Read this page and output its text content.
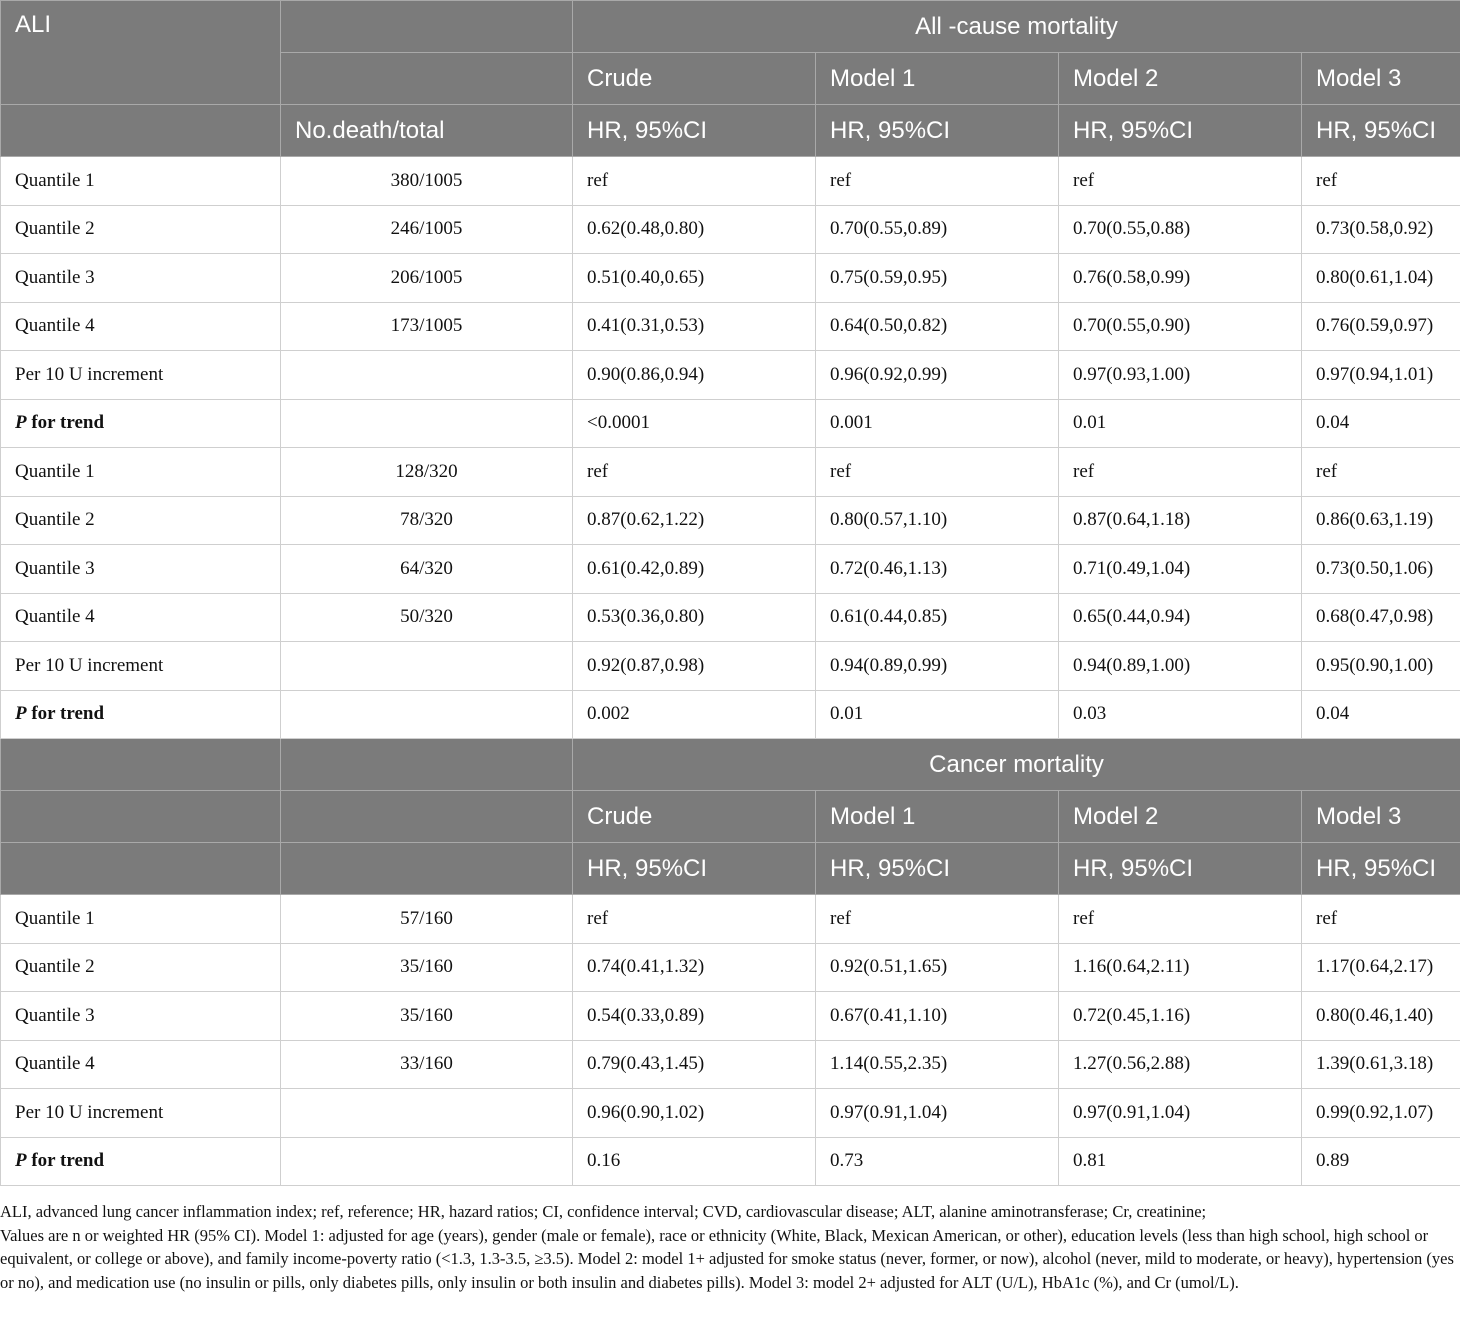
ALI		All -cause mortality			
		Crude	Model 1	Model 2	Model 3
	No.death/total	HR, 95%CI	HR, 95%CI	HR, 95%CI	HR, 95%CI
Quantile 1	380/1005	ref	ref	ref	ref
Quantile 2	246/1005	0.62(0.48,0.80)	0.70(0.55,0.89)	0.70(0.55,0.88)	0.73(0.58,0.92)
Quantile 3	206/1005	0.51(0.40,0.65)	0.75(0.59,0.95)	0.76(0.58,0.99)	0.80(0.61,1.04)
Quantile 4	173/1005	0.41(0.31,0.53)	0.64(0.50,0.82)	0.70(0.55,0.90)	0.76(0.59,0.97)
Per 10 U increment		0.90(0.86,0.94)	0.96(0.92,0.99)	0.97(0.93,1.00)	0.97(0.94,1.01)
P for trend		<0.0001	0.001	0.01	0.04
Quantile 1	128/320	ref	ref	ref	ref
Quantile 2	78/320	0.87(0.62,1.22)	0.80(0.57,1.10)	0.87(0.64,1.18)	0.86(0.63,1.19)
Quantile 3	64/320	0.61(0.42,0.89)	0.72(0.46,1.13)	0.71(0.49,1.04)	0.73(0.50,1.06)
Quantile 4	50/320	0.53(0.36,0.80)	0.61(0.44,0.85)	0.65(0.44,0.94)	0.68(0.47,0.98)
Per 10 U increment		0.92(0.87,0.98)	0.94(0.89,0.99)	0.94(0.89,1.00)	0.95(0.90,1.00)
P for trend		0.002	0.01	0.03	0.04
		Cancer mortality			
		Crude	Model 1	Model 2	Model 3
		HR, 95%CI	HR, 95%CI	HR, 95%CI	HR, 95%CI
Quantile 1	57/160	ref	ref	ref	ref
Quantile 2	35/160	0.74(0.41,1.32)	0.92(0.51,1.65)	1.16(0.64,2.11)	1.17(0.64,2.17)
Quantile 3	35/160	0.54(0.33,0.89)	0.67(0.41,1.10)	0.72(0.45,1.16)	0.80(0.46,1.40)
Quantile 4	33/160	0.79(0.43,1.45)	1.14(0.55,2.35)	1.27(0.56,2.88)	1.39(0.61,3.18)
Per 10 U increment		0.96(0.90,1.02)	0.97(0.91,1.04)	0.97(0.91,1.04)	0.99(0.92,1.07)
P for trend		0.16	0.73	0.81	0.89

ALI, advanced lung cancer inflammation index; ref, reference; HR, hazard ratios; CI, confidence interval; CVD, cardiovascular disease; ALT, alanine aminotransferase; Cr, creatinine;

Values are n or weighted HR (95% CI). Model 1: adjusted for age (years), gender (male or female), race or ethnicity (White, Black, Mexican American, or other), education levels (less than high school, high school or equivalent, or college or above), and family income-poverty ratio (<1.3, 1.3-3.5, ≥3.5). Model 2: model 1+ adjusted for smoke status (never, former, or now), alcohol (never, mild to moderate, or heavy), hypertension (yes or no), and medication use (no insulin or pills, only diabetes pills, only insulin or both insulin and diabetes pills). Model 3: model 2+ adjusted for ALT (U/L), HbA1c (%), and Cr (umol/L).
